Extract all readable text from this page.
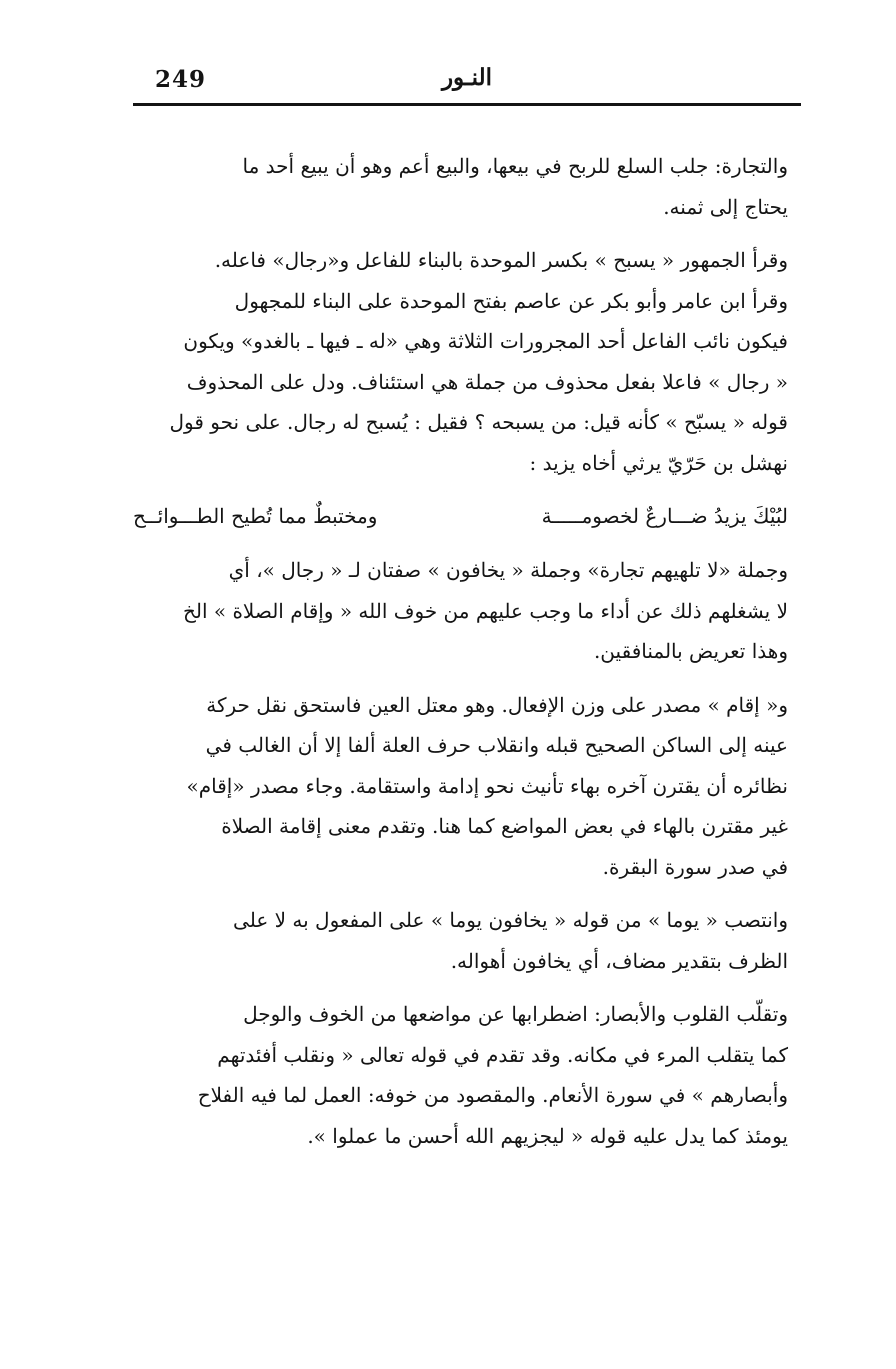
249	النـور

والتجارة: جلب السلع للربح في بيعها، والبيع أعم وهو أن يبيع أحد ما

يحتاج إلى ثمنه.

وقرأ الجمهور « يسبح » بكسر الموحدة بالبناء للفاعل و«رجال» فاعله.

وقرأ ابن عامر وأبو بكر عن عاصم بفتح الموحدة على البناء للمجهول

فيكون نائب الفاعل أحد المجرورات الثلاثة وهي «له ـ فيها ـ بالغدو» ويكون

« رجال » فاعلا بفعل محذوف من جملة هي استئناف. ودل على المحذوف

قوله « يسبّح » كأنه قيل: من يسبحه ؟ فقيل : يُسبح له رجال. على نحو قول

نهشل بن حَرّيّ يرثي أخاه يزيد :

لبُيْكَ يزيدُ ضـــارعٌ لخصومـــــة
ومختبطٌ مما تُطيح الطـــوائــح

وجملة «لا تلهيهم تجارة» وجملة « يخافون » صفتان لـ « رجال »، أي

لا يشغلهم ذلك عن أداء ما وجب عليهم من خوف الله « وإقام الصلاة » الخ

وهذا تعريض بالمنافقين.

و« إقام » مصدر على وزن الإفعال. وهو معتل العين فاستحق نقل حركة

عينه إلى الساكن الصحيح قبله وانقلاب حرف العلة ألفا إلا أن الغالب في

نظائره أن يقترن آخره بهاء تأنيث نحو إدامة واستقامة. وجاء مصدر «إقام»

غير مقترن بالهاء في بعض المواضع كما هنا. وتقدم معنى إقامة الصلاة

في صدر سورة البقرة.

وانتصب « يوما » من قوله « يخافون يوما » على المفعول به لا على

الظرف بتقدير مضاف، أي يخافون أهواله.

وتقلّب القلوب والأبصار: اضطرابها عن مواضعها من الخوف والوجل

كما يتقلب المرء في مكانه. وقد تقدم في قوله تعالى « ونقلب أفئدتهم

وأبصارهم » في سورة الأنعام. والمقصود من خوفه: العمل لما فيه الفلاح

يومئذ كما يدل عليه قوله « ليجزيهم الله أحسن ما عملوا ».
